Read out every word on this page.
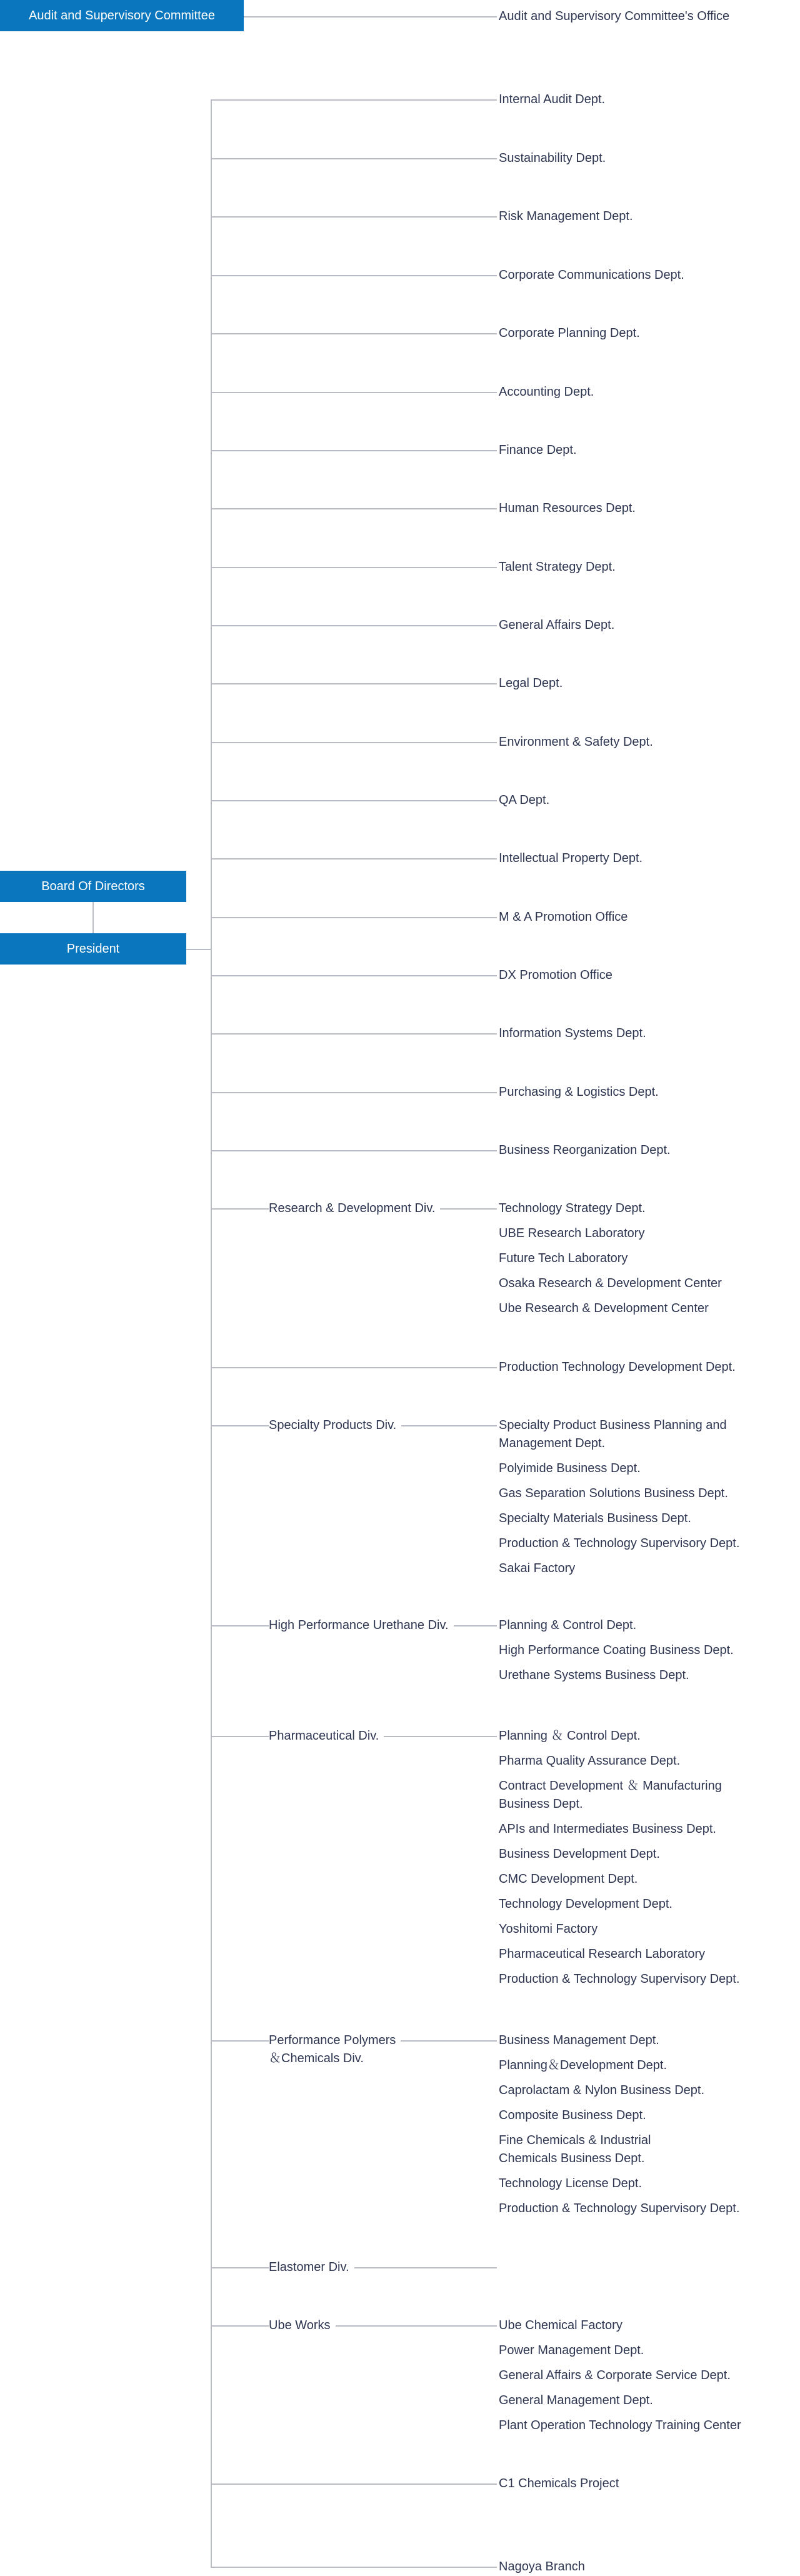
Audit and Supervisory Committee	Audit and Supervisory Committee's Office
Board Of Directors
President
Internal Audit Dept.
Sustainability Dept.
Risk Management Dept.
Corporate Communications Dept.
Corporate Planning Dept.
Accounting Dept.
Finance Dept.
Human Resources Dept.
Talent Strategy Dept.
General Affairs Dept.
Legal Dept.
Environment & Safety Dept.
QA Dept.
Intellectual Property Dept.
M & A Promotion Office
DX Promotion Office
Information Systems Dept.
Purchasing & Logistics Dept.
Business Reorganization Dept.
Research & Development Div.	Technology Strategy Dept.
UBE Research Laboratory
Future Tech Laboratory
Osaka Research & Development Center
Ube Research & Development Center
Production Technology Development Dept.
Specialty Products Div.	Specialty Product Business Planning and
Management Dept.
Polyimide Business Dept.
Gas Separation Solutions Business Dept.
Specialty Materials Business Dept.
Production & Technology Supervisory Dept.
Sakai Factory
High Performance Urethane Div.	Planning & Control Dept.
High Performance Coating Business Dept.
Urethane Systems Business Dept.
Pharmaceutical Div.	Planning ＆ Control Dept.
Pharma Quality Assurance Dept.
Contract Development ＆ Manufacturing
Business Dept.
APIs and Intermediates Business Dept.
Business Development Dept.
CMC Development Dept.
Technology Development Dept.
Yoshitomi Factory
Pharmaceutical Research Laboratory
Production & Technology Supervisory Dept.
Performance Polymers
＆Chemicals Div.
Business Management Dept.
Planning＆Development Dept.
Caprolactam & Nylon Business Dept.
Composite Business Dept.
Fine Chemicals & Industrial
Chemicals Business Dept.
Technology License Dept.
Production & Technology Supervisory Dept.
Elastomer Div.
Ube Works	Ube Chemical Factory
Power Management Dept.
General Affairs & Corporate Service Dept.
General Management Dept.
Plant Operation Technology Training Center
C1 Chemicals Project
Nagoya Branch
